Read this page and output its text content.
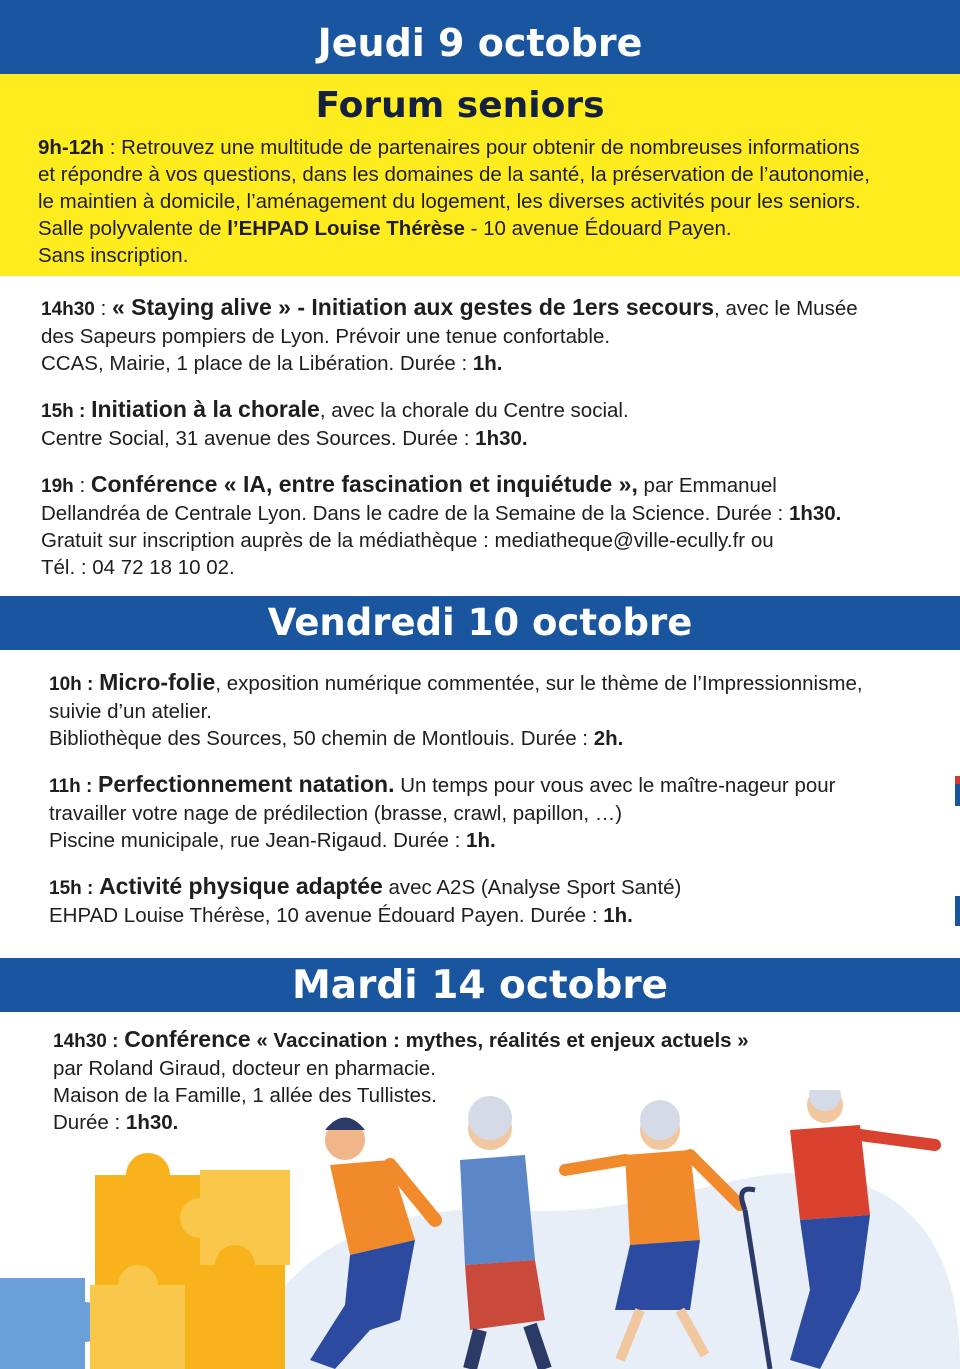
Jeudi 9 octobre
Forum seniors
9h-12h : Retrouvez une multitude de partenaires pour obtenir de nombreuses informations
et répondre à vos questions, dans les domaines de la santé, la préservation de l’autonomie,
le maintien à domicile, l’aménagement du logement, les diverses activités pour les seniors.
Salle polyvalente de l’EHPAD Louise Thérèse - 10 avenue Édouard Payen.
Sans inscription.
14h30 : « Staying alive » - Initiation aux gestes de 1ers secours, avec le Musée
des Sapeurs pompiers de Lyon. Prévoir une tenue confortable.
CCAS, Mairie, 1 place de la Libération. Durée : 1h.
15h : Initiation à la chorale, avec la chorale du Centre social.
Centre Social, 31 avenue des Sources. Durée : 1h30.
19h : Conférence « IA, entre fascination et inquiétude », par Emmanuel
Dellandréa de Centrale Lyon. Dans le cadre de la Semaine de la Science. Durée : 1h30.
Gratuit sur inscription auprès de la médiathèque : mediatheque@ville-ecully.fr ou
Tél. : 04 72 18 10 02.
Vendredi 10 octobre
10h : Micro-folie, exposition numérique commentée, sur le thème de l’Impressionnisme,
suivie d’un atelier.
Bibliothèque des Sources, 50 chemin de Montlouis. Durée : 2h.
11h : Perfectionnement natation. Un temps pour vous avec le maître-nageur pour
travailler votre nage de prédilection (brasse, crawl, papillon, …)
Piscine municipale, rue Jean-Rigaud. Durée : 1h.
15h : Activité physique adaptée avec A2S (Analyse Sport Santé)
EHPAD Louise Thérèse, 10 avenue Édouard Payen. Durée : 1h.
Mardi 14 octobre
14h30 : Conférence « Vaccination : mythes, réalités et enjeux actuels »
par Roland Giraud, docteur en pharmacie.
Maison de la Famille, 1 allée des Tullistes.
Durée : 1h30.
